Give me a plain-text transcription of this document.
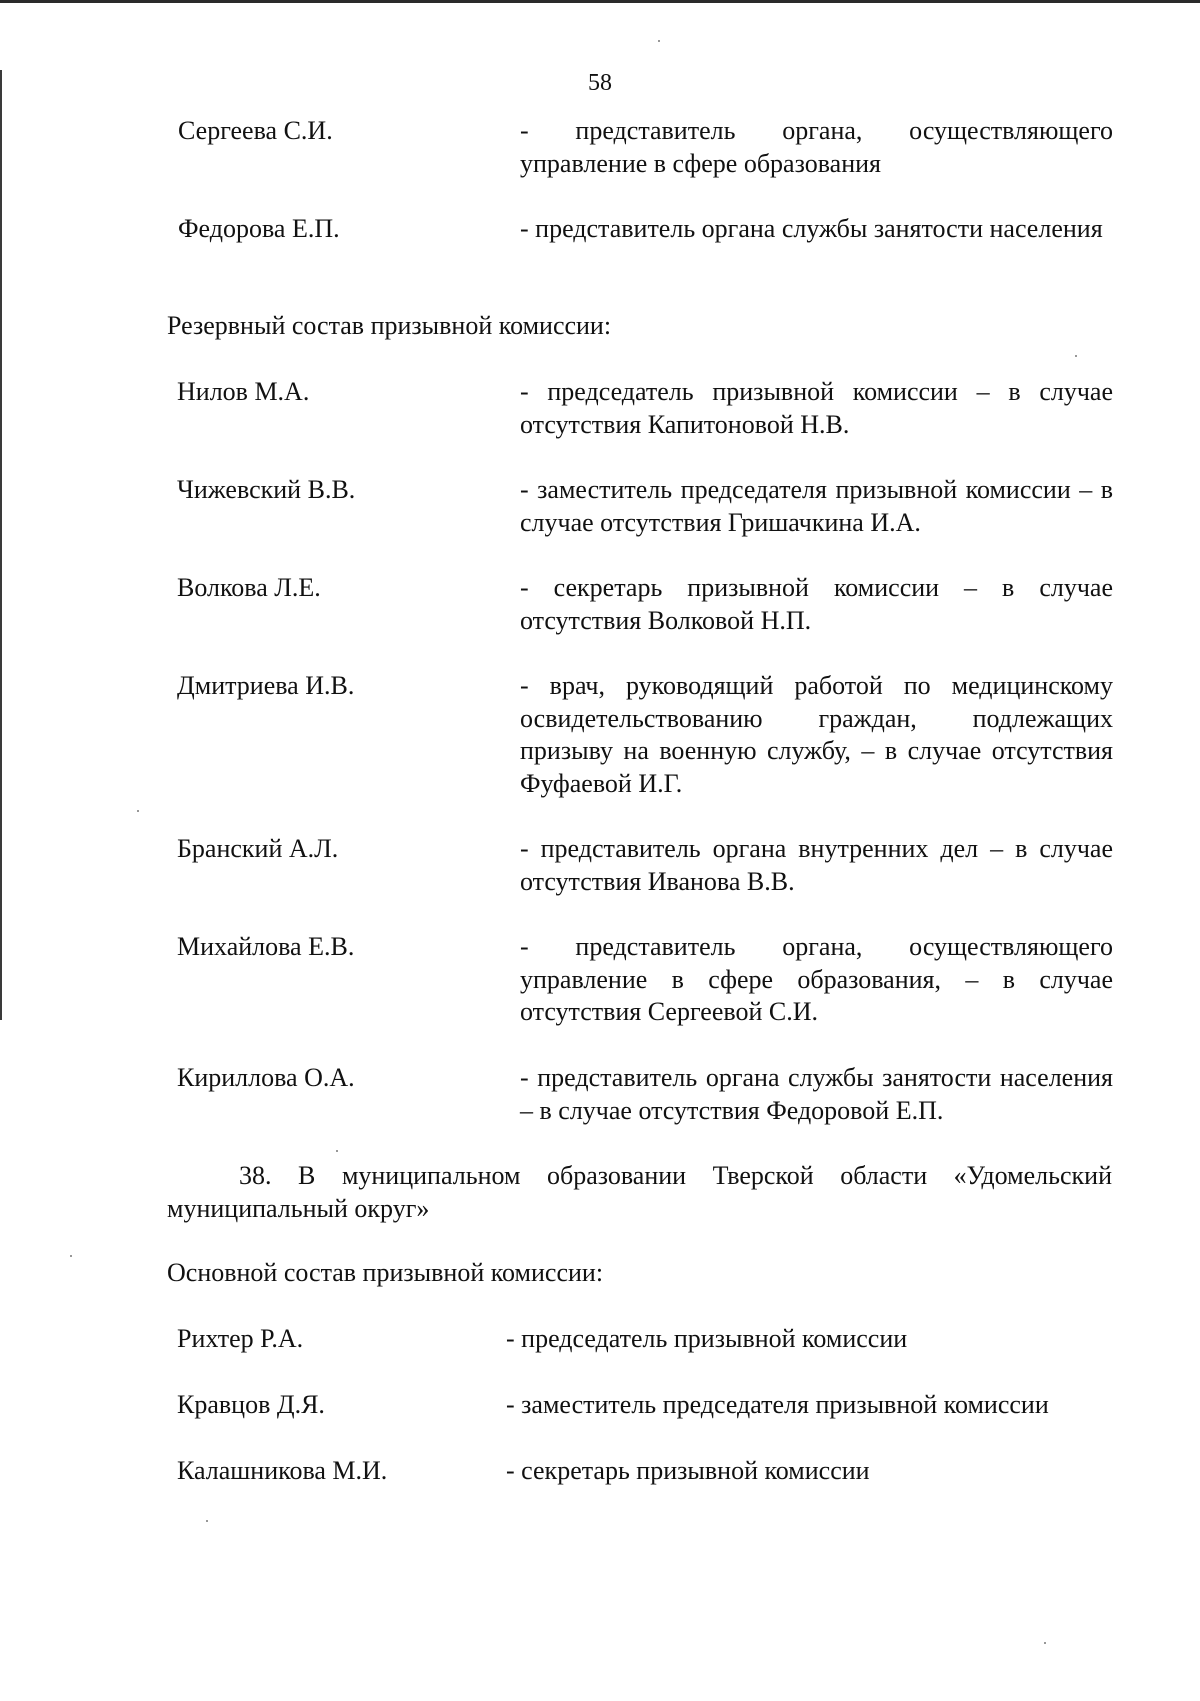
58
Сергеева С.И.	- представитель органа, осуществляющего управление в сфере образования
Федорова Е.П.	- представитель органа службы занятости населения
Резервный состав призывной комиссии:
Нилов М.А.	- председатель призывной комиссии – в случае отсутствия Капитоновой Н.В.
Чижевский В.В.	- заместитель председателя призывной комиссии – в случае отсутствия Гришачкина И.А.
Волкова Л.Е.	- секретарь призывной комиссии – в случае отсутствия Волковой Н.П.
Дмитриева И.В.	- врач, руководящий работой по медицинскому освидетельствованию граждан, подлежащих призыву на военную службу, – в случае отсутствия Фуфаевой И.Г.
Бранский А.Л.	- представитель органа внутренних дел – в случае отсутствия Иванова В.В.
Михайлова Е.В.	- представитель органа, осуществляющего управление в сфере образования, – в случае отсутствия Сергеевой С.И.
Кириллова О.А.	- представитель органа службы занятости населения – в случае отсутствия Федоровой Е.П.
38. В муниципальном образовании Тверской области «Удомельский муниципальный округ»
Основной состав призывной комиссии:
Рихтер Р.А.	- председатель призывной комиссии
Кравцов Д.Я.	- заместитель председателя призывной комиссии
Калашникова М.И.	- секретарь призывной комиссии
